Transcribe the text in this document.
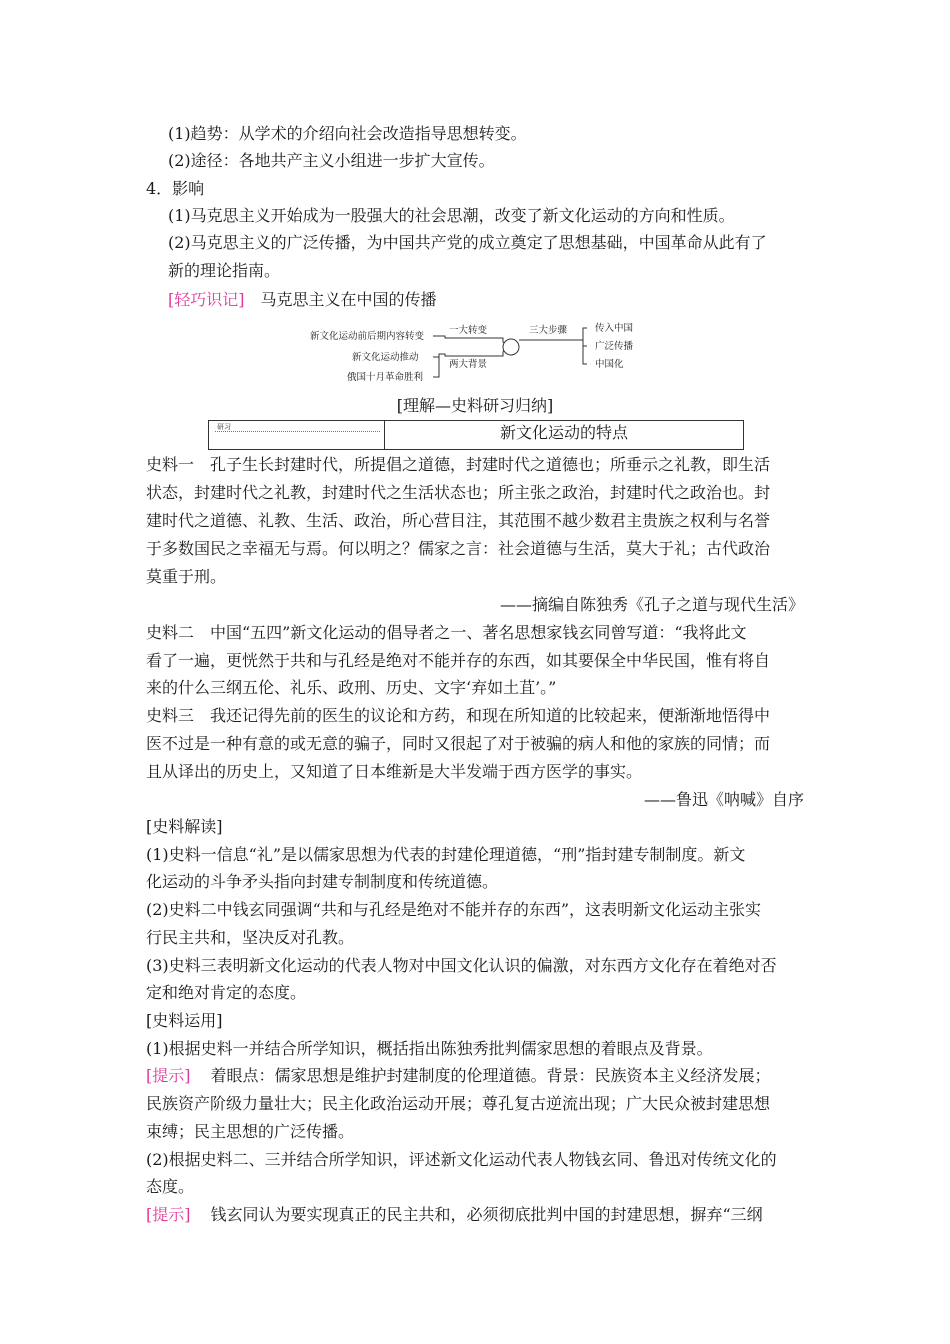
(1)趋势：从学术的介绍向社会改造指导思想转变。
(2)途径：各地共产主义小组进一步扩大宣传。
4．影响
(1)马克思主义开始成为一股强大的社会思潮，改变了新文化运动的方向和性质。
(2)马克思主义的广泛传播，为中国共产党的成立奠定了思想基础，中国革命从此有了
新的理论指南。
[轻巧识记] 马克思主义在中国的传播
新文化运动前后期内容转变
新文化运动推动
俄国十月革命胜利
一大转变
两大背景
三大步骤	传入中国
广泛传播
中国化
[理解—史料研习归纳]
研习	新文化运动的特点
史料一　孔子生长封建时代，所提倡之道德，封建时代之道德也；所垂示之礼教，即生活
状态，封建时代之礼教，封建时代之生活状态也；所主张之政治，封建时代之政治也。封
建时代之道德、礼教、生活、政治，所心营目注，其范围不越少数君主贵族之权利与名誉
于多数国民之幸福无与焉。何以明之？儒家之言：社会道德与生活，莫大于礼；古代政治
莫重于刑。
——摘编自陈独秀《孔子之道与现代生活》
史料二　中国“五四”新文化运动的倡导者之一、著名思想家钱玄同曾写道：“我将此文
看了一遍，更恍然于共和与孔经是绝对不能并存的东西，如其要保全中华民国，惟有将自
来的什么三纲五伦、礼乐、政刑、历史、文字‘弃如土苴’。”
史料三　我还记得先前的医生的议论和方药，和现在所知道的比较起来，便渐渐地悟得中
医不过是一种有意的或无意的骗子，同时又很起了对于被骗的病人和他的家族的同情；而
且从译出的历史上，又知道了日本维新是大半发端于西方医学的事实。
——鲁迅《呐喊》自序
[史料解读]
(1)史料一信息“礼”是以儒家思想为代表的封建伦理道德，“刑”指封建专制制度。新文
化运动的斗争矛头指向封建专制制度和传统道德。
(2)史料二中钱玄同强调“共和与孔经是绝对不能并存的东西”，这表明新文化运动主张实
行民主共和，坚决反对孔教。
(3)史料三表明新文化运动的代表人物对中国文化认识的偏激，对东西方文化存在着绝对否
定和绝对肯定的态度。
[史料运用]
(1)根据史料一并结合所学知识，概括指出陈独秀批判儒家思想的着眼点及背景。
[提示] 着眼点：儒家思想是维护封建制度的伦理道德。背景：民族资本主义经济发展；
民族资产阶级力量壮大；民主化政治运动开展；尊孔复古逆流出现；广大民众被封建思想
束缚；民主思想的广泛传播。
(2)根据史料二、三并结合所学知识，评述新文化运动代表人物钱玄同、鲁迅对传统文化的
态度。
[提示] 钱玄同认为要实现真正的民主共和，必须彻底批判中国的封建思想，摒弃“三纲
